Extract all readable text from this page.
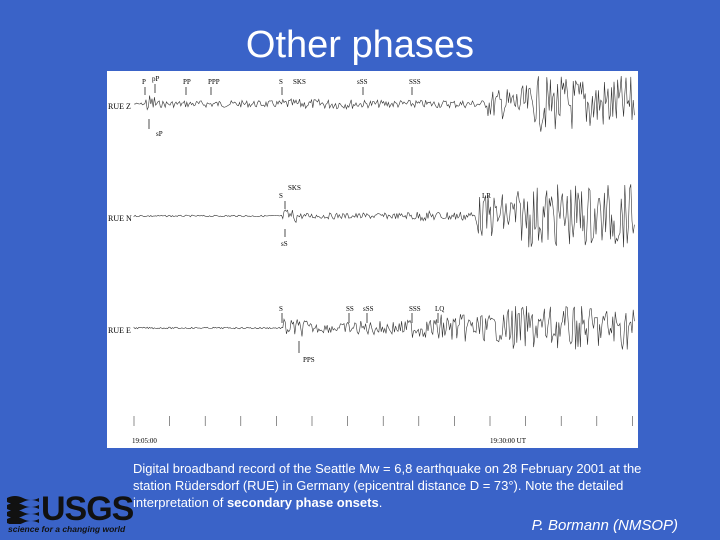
Other phases
RUE Z
RUE N
RUE E
P pP	PP PPP	S SKS	sSS	SSS
sP
SKS
S	LR
sS
S	SS sSS	SSS LQ
PPS
19:05:00	19:30:00 UT
Digital broadband record of the Seattle Mw = 6,8 earthquake on 28 February 2001 at the station Rüdersdorf (RUE) in Germany (epicentral distance D = 73°). Note the detailed interpretation of secondary phase onsets.
P. Bormann (NMSOP)
USGS
science for a changing world
